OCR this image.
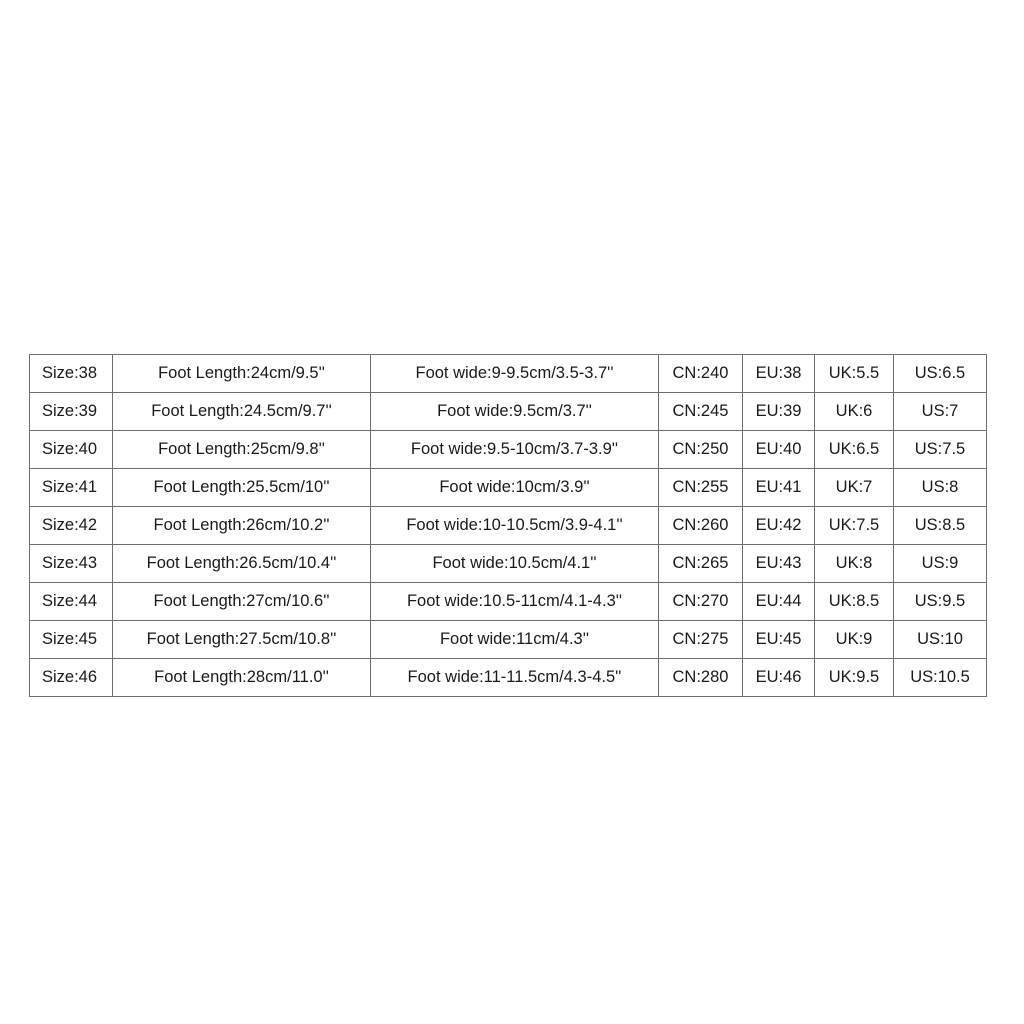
Size:38	Foot Length:24cm/9.5''	Foot wide:9-9.5cm/3.5-3.7''	CN:240	EU:38	UK:5.5	US:6.5
Size:39	Foot Length:24.5cm/9.7''	Foot wide:9.5cm/3.7''	CN:245	EU:39	UK:6	US:7
Size:40	Foot Length:25cm/9.8''	Foot wide:9.5-10cm/3.7-3.9''	CN:250	EU:40	UK:6.5	US:7.5
Size:41	Foot Length:25.5cm/10''	Foot wide:10cm/3.9''	CN:255	EU:41	UK:7	US:8
Size:42	Foot Length:26cm/10.2''	Foot wide:10-10.5cm/3.9-4.1''	CN:260	EU:42	UK:7.5	US:8.5
Size:43	Foot Length:26.5cm/10.4''	Foot wide:10.5cm/4.1''	CN:265	EU:43	UK:8	US:9
Size:44	Foot Length:27cm/10.6''	Foot wide:10.5-11cm/4.1-4.3''	CN:270	EU:44	UK:8.5	US:9.5
Size:45	Foot Length:27.5cm/10.8''	Foot wide:11cm/4.3''	CN:275	EU:45	UK:9	US:10
Size:46	Foot Length:28cm/11.0''	Foot wide:11-11.5cm/4.3-4.5''	CN:280	EU:46	UK:9.5	US:10.5
